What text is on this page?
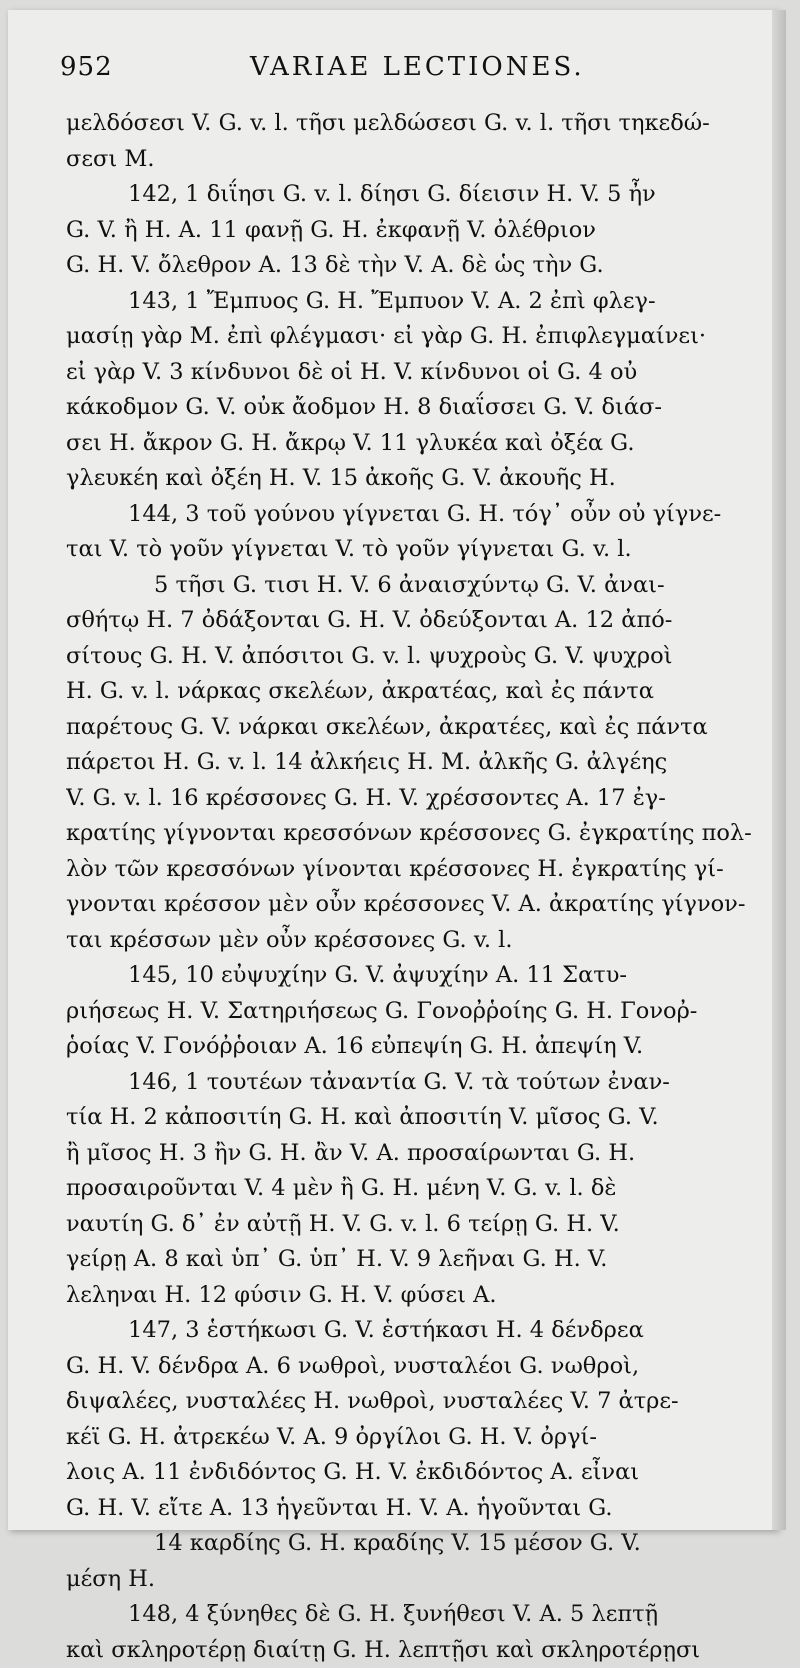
952	VARIAE LECTIONES.
μελδόσεσι V. G. v. l. τῆσι μελδώσεσι G. v. l. τῆσι τηκεδώ-
σεσι M.
142, 1 διΐησι G. v. l. δίησι G. δίεισιν H. V. 5 ἦν
G. V. ἢ H. A. 11 φανῇ G. H. ἐκφανῇ V. ὀλέθριον
G. H. V. ὄλεθρον A. 13 δὲ τὴν V. A. δὲ ὡς τὴν G.
143, 1 Ἔμπυος G. H. Ἔμπυον V. A. 2 ἐπὶ φλεγ-
μασίῃ γὰρ M. ἐπὶ φλέγμασι· εἰ γὰρ G. H. ἐπιφλεγμαίνει·
εἰ γὰρ V. 3 κίνδυνοι δὲ οἱ H. V. κίνδυνοι οἱ G. 4 οὐ
κάκοδμον G. V. οὐκ ἄοδμον H. 8 διαΐσσει G. V. διάσ-
σει H. ἄκρον G. H. ἄκρῳ V. 11 γλυκέα καὶ ὀξέα G.
γλευκέη καὶ ὀξέη H. V. 15 ἀκοῆς G. V. ἀκουῆς H.
144, 3 τοῦ γούνου γίγνεται G. H. τόγ᾽ οὖν οὐ γίγνε-
ται V. τὸ γοῦν γίγνεται V. τὸ γοῦν γίγνεται G. v. l.
5 τῆσι G. τισι H. V. 6 ἀναισχύντῳ G. V. ἀναι-
σθήτῳ H. 7 ὀδάξονται G. H. V. ὀδεύξονται A. 12 ἀπό-
σίτους G. H. V. ἀπόσιτοι G. v. l. ψυχροὺς G. V. ψυχροὶ
H. G. v. l. νάρκας σκελέων, ἀκρατέας, καὶ ἐς πάντα
παρέτους G. V. νάρκαι σκελέων, ἀκρατέες, καὶ ἐς πάντα
πάρετοι H. G. v. l. 14 ἀλκήεις H. M. ἀλκῆς G. ἀλγέης
V. G. v. l. 16 κρέσσονες G. H. V. χρέσσοντες A. 17 ἐγ-
κρατίης γίγνονται κρεσσόνων κρέσσονες G. ἐγκρατίης πολ-
λὸν τῶν κρεσσόνων γίνονται κρέσσονες H. ἐγκρατίης γί-
γνονται κρέσσον μὲν οὖν κρέσσονες V. A. ἀκρατίης γίγνον-
ται κρέσσων μὲν οὖν κρέσσονες G. v. l.
145, 10 εὐψυχίην G. V. ἀψυχίην A. 11 Σατυ-
ριήσεως H. V. Σατηριήσεως G. Γονοῤῥοίης G. H. Γονοῤ-
ῥοίας V. Γονόῤῥοιαν A. 16 εὐπεψίη G. H. ἀπεψίη V.
146, 1 τουτέων τἀναντία G. V. τὰ τούτων ἐναν-
τία H. 2 κἀποσιτίη G. H. καὶ ἀποσιτίη V. μῖσος G. V.
ἢ μῖσος H. 3 ἢν G. H. ἂν V. A. προσαίρωνται G. H.
προσαιροῦνται V. 4 μὲν ἢ G. H. μένη V. G. v. l. δὲ
ναυτίη G. δ᾽ ἐν αὐτῇ H. V. G. v. l. 6 τείρῃ G. H. V.
γείρῃ A. 8 καὶ ὑπ᾽ G. ὑπ᾽ H. V. 9 λεῆναι G. H. V.
λεληναι H. 12 φύσιν G. H. V. φύσει A.
147, 3 ἑστήκωσι G. V. ἑστήκασι H. 4 δένδρεα
G. H. V. δένδρα A. 6 νωθροὶ, νυσταλέοι G. νωθροὶ,
διψαλέες, νυσταλέες H. νωθροὶ, νυσταλέες V. 7 ἀτρε-
κέϊ G. H. ἀτρεκέω V. A. 9 ὀργίλοι G. H. V. ὀργί-
λοις A. 11 ἐνδιδόντος G. H. V. ἐκδιδόντος A. εἶναι
G. H. V. εἴτε A. 13 ἡγεῦνται H. V. A. ἡγοῦνται G.
14 καρδίης G. H. κραδίης V. 15 μέσον G. V.
μέση H.
148, 4 ξύνηθες δὲ G. H. ξυνήθεσι V. A. 5 λεπτῇ
καὶ σκληροτέρῃ διαίτῃ G. H. λεπτῇσι καὶ σκληροτέρῃσι
